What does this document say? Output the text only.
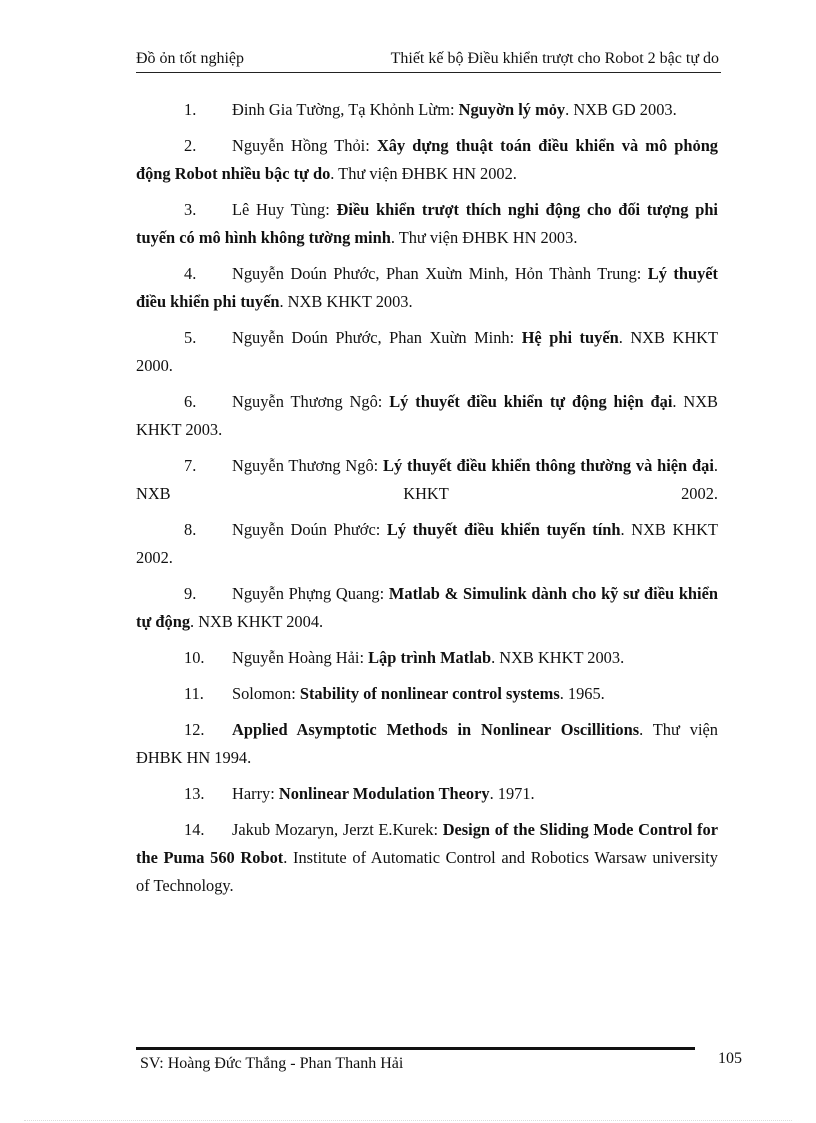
Đồ ỏn tốt nghiệp	Thiết kế bộ Điều khiển trượt cho Robot 2 bậc tự do

1. Đinh Gia Tường, Tạ Khỏnh Lừm: Nguyờn lý mỏy. NXB GD 2003.

2. Nguyễn Hồng Thỏi: Xây dựng thuật toán điều khiển và mô phỏng động Robot nhiều bậc tự do. Thư viện ĐHBK HN 2002.

3. Lê Huy Tùng: Điều khiển trượt thích nghi động cho đối tượng phi tuyến có mô hình không tường minh. Thư viện ĐHBK HN 2003.

4. Nguyễn Doún Phước, Phan Xuừn Minh, Hỏn Thành Trung: Lý thuyết điều khiển phi tuyến. NXB KHKT 2003.

5. Nguyễn Doún Phước, Phan Xuừn Minh: Hệ phi tuyến. NXB KHKT 2000.

6. Nguyễn Thương Ngô: Lý thuyết điều khiển tự động hiện đại. NXB KHKT 2003.

7. Nguyễn Thương Ngô: Lý thuyết điều khiển thông thường và hiện đại. NXB KHKT 2002.

8. Nguyễn Doún Phước: Lý thuyết điều khiển tuyến tính. NXB KHKT 2002.

9. Nguyễn Phựng Quang: Matlab & Simulink dành cho kỹ sư điều khiển tự động. NXB KHKT 2004.

10. Nguyễn Hoàng Hải: Lập trình Matlab. NXB KHKT 2003.

11. Solomon: Stability of nonlinear control systems. 1965.

12. Applied Asymptotic Methods in Nonlinear Oscillitions. Thư viện ĐHBK HN 1994.

13. Harry: Nonlinear Modulation Theory. 1971.

14. Jakub Mozaryn, Jerzt E.Kurek: Design of the Sliding Mode Control for the Puma 560 Robot. Institute of Automatic Control and Robotics Warsaw university of Technology.

SV: Hoàng Đức Thắng - Phan Thanh Hải	105
